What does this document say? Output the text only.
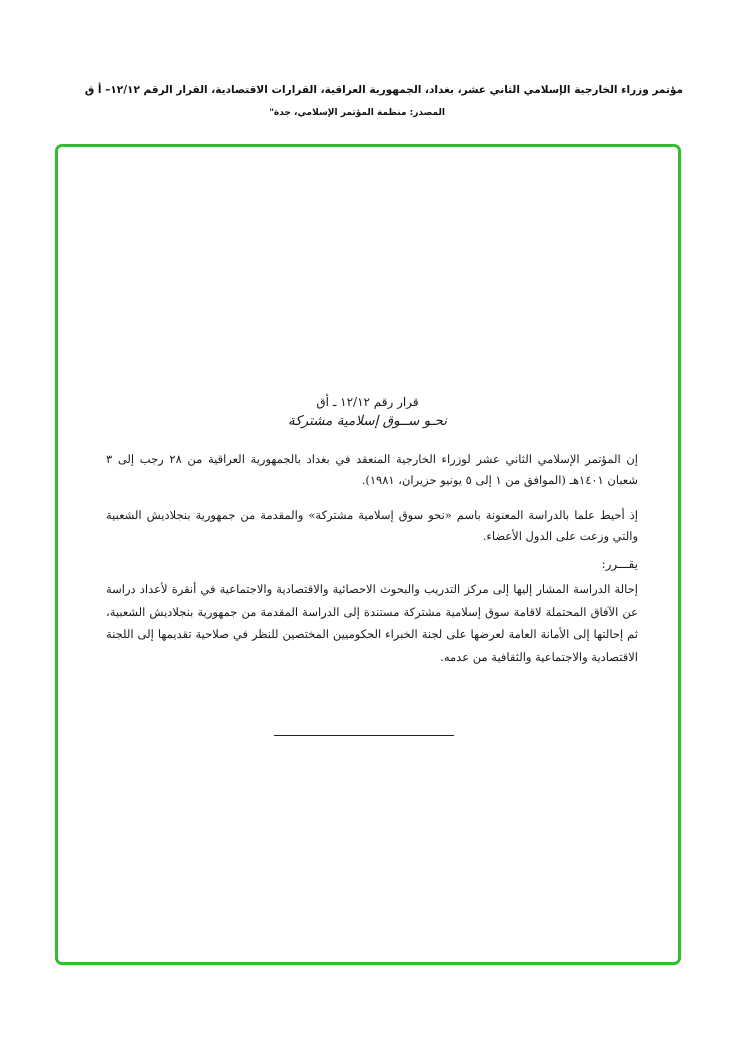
مؤتمر وزراء الخارجية الإسلامي الثاني عشر، بغداد، الجمهورية العراقية، القرارات الاقتصادية، القرار الرقم ١٢/١٢– أ ق
المصدر: منظمة المؤتمر الإسلامي، جدة"
قرار رقم ١٢/١٢ ـ أق
نحـو ســوق إسلامية مشتركة
إن المؤتمر الإسلامي الثاني عشر لوزراء الخارجية المنعقد في بغداد بالجمهورية العراقية من ٢٨ رجب إلى ٣ شعبان ١٤٠١هـ (الموافق من ١ إلى ٥ يونيو حزيران، ١٩٨١).
إذ أحيط علما بالدراسة المعنونة باسم «نحو سوق إسلامية مشتركة» والمقدمة من جمهورية بنجلاديش الشعبية والتي وزعت على الدول الأعضاء.
يقـــرر:
إحالة الدراسة المشار إليها إلى مركز التدريب والبحوث الاحصائية والاقتصادية والاجتماعية في أنقرة لأعداد دراسة عن الآفاق المحتملة لاقامة سوق إسلامية مشتركة مستندة إلى الدراسة المقدمة من جمهورية بنجلاديش الشعبية، ثم إحالتها إلى الأمانة العامة لعرضها على لجنة الخبراء الحكوميين المختصين للنظر في صلاحية تقديمها إلى اللجنة الاقتصادية والاجتماعية والثقافية من عدمه.
